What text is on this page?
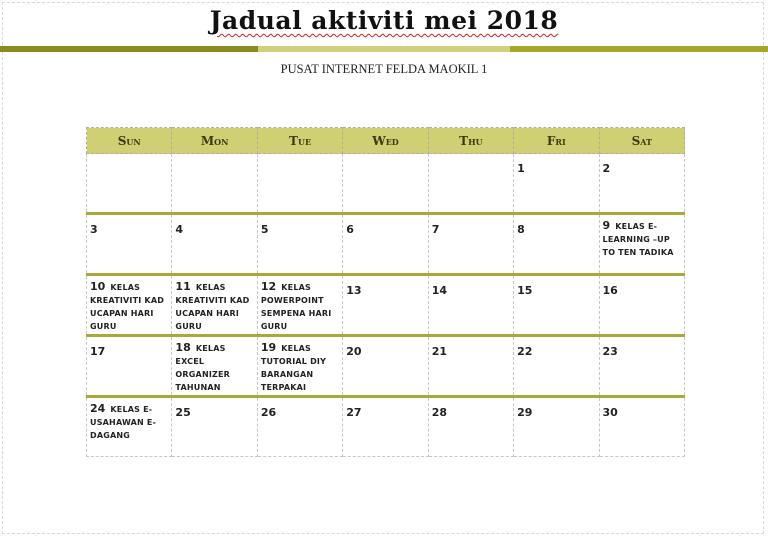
Jadual aktiviti mei 2018
PUSAT INTERNET FELDA MAOKIL 1
Sun	Mon	Tue	Wed	Thu	Fri	Sat
					1	2
3	4	5	6	7	8	9 KELAS E-LEARNING –UP TO TEN TADIKA

10 KELAS KREATIVITI KAD UCAPAN HARI GURU	11 KELAS KREATIVITI KAD UCAPAN HARI GURU	12 KELAS POWERPOINT SEMPENA HARI GURU	13	14	15	16
17	18 KELAS EXCEL ORGANIZER TAHUNAN	19 KELAS TUTORIAL DIY BARANGAN TERPAKAI	20	21	22	23

24 KELAS E-USAHAWAN E-DAGANG	25	26	27	28	29	30
